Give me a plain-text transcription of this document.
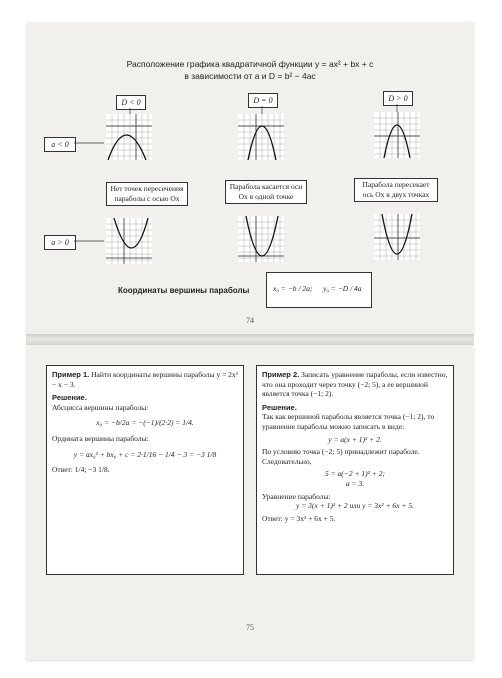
Расположение графика квадратичной функции y = ax² + bx + c
в зависимости от a и D = b² − 4ac
D < 0	D = 0	D > 0
a < 0
a > 0
Нет точек пересечения параболы с осью Ox
Парабола касается оси Ox в одной точке
Парабола пересекает ось Ox в двух точках
Координаты вершины параболы	x₀ = −b / 2a; y₀ = −D / 4a
74
Пример 1. Найти координаты вершины параболы y = 2x² − x − 3.
Решение.
Абсцисса вершины параболы:
x₀ = −b/2a = −(−1)/(2·2) = 1/4.
Ордината вершины параболы:
y = ax₀² + bx₀ + c = 2·1/16 − 1/4 − 3 = −3 1/8
Ответ: 1/4; −3 1/8.
Пример 2. Записать уравнение параболы, если известно, что она проходит через точку (−2; 5), а ее вершиной является точка (−1; 2).
Решение.
Так как вершиной параболы является точка (−1; 2), то уравнение параболы можно записать в виде:
y = a(x + 1)² + 2.
По условию точка (−2; 5) принадлежит параболе. Следовательно,
5 = a(−2 + 1)² + 2;
a = 3.
Уравнение параболы:
y = 3(x + 1)² + 2 или y = 3x² + 6x + 5.
Ответ: y = 3x² + 6x + 5.
75
